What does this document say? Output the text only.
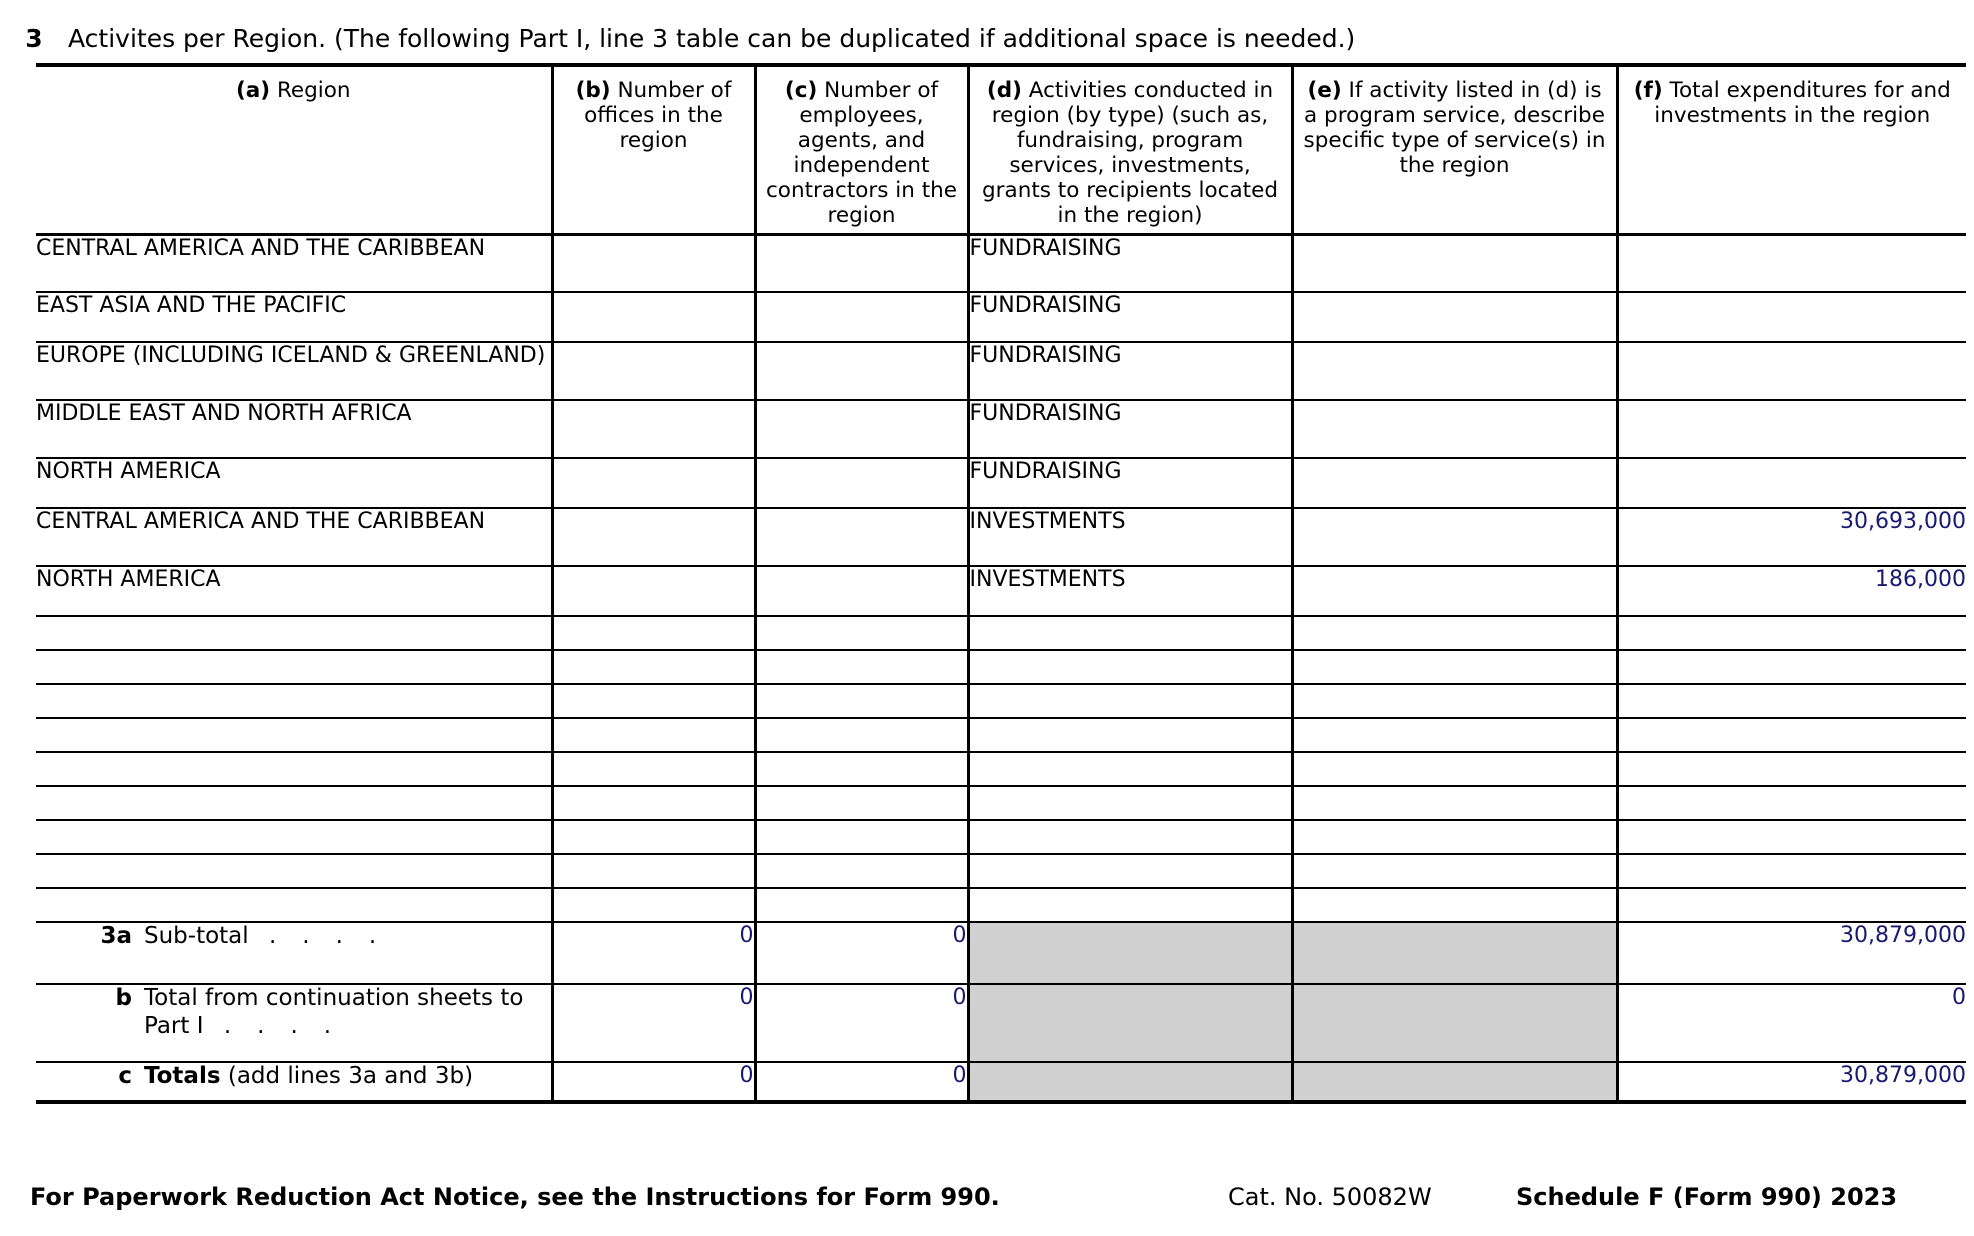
3	Activites per Region. (The following Part I, line 3 table can be duplicated if additional space is needed.)
(a) Region	(b) Number of offices in the region	(c) Number of employees, agents, and independent contractors in the region	(d) Activities conducted in region (by type) (such as, fundraising, program services, investments, grants to recipients located in the region)	(e) If activity listed in (d) is a program service, describe specific type of service(s) in the region	(f) Total expenditures for and investments in the region
CENTRAL AMERICA AND THE CARIBBEAN			FUNDRAISING		
EAST ASIA AND THE PACIFIC			FUNDRAISING		
EUROPE (INCLUDING ICELAND & GREENLAND)			FUNDRAISING		
MIDDLE EAST AND NORTH AFRICA			FUNDRAISING		
NORTH AMERICA			FUNDRAISING		
CENTRAL AMERICA AND THE CARIBBEAN			INVESTMENTS		30,693,000
NORTH AMERICA			INVESTMENTS		186,000

3a Sub-total . . . .	0	0			30,879,000

b Total from continuation sheets to Part I . . . .	0	0			0

c Totals (add lines 3a and 3b)	0	0			30,879,000
For Paperwork Reduction Act Notice, see the Instructions for Form 990.	Cat. No. 50082W	Schedule F (Form 990) 2023
